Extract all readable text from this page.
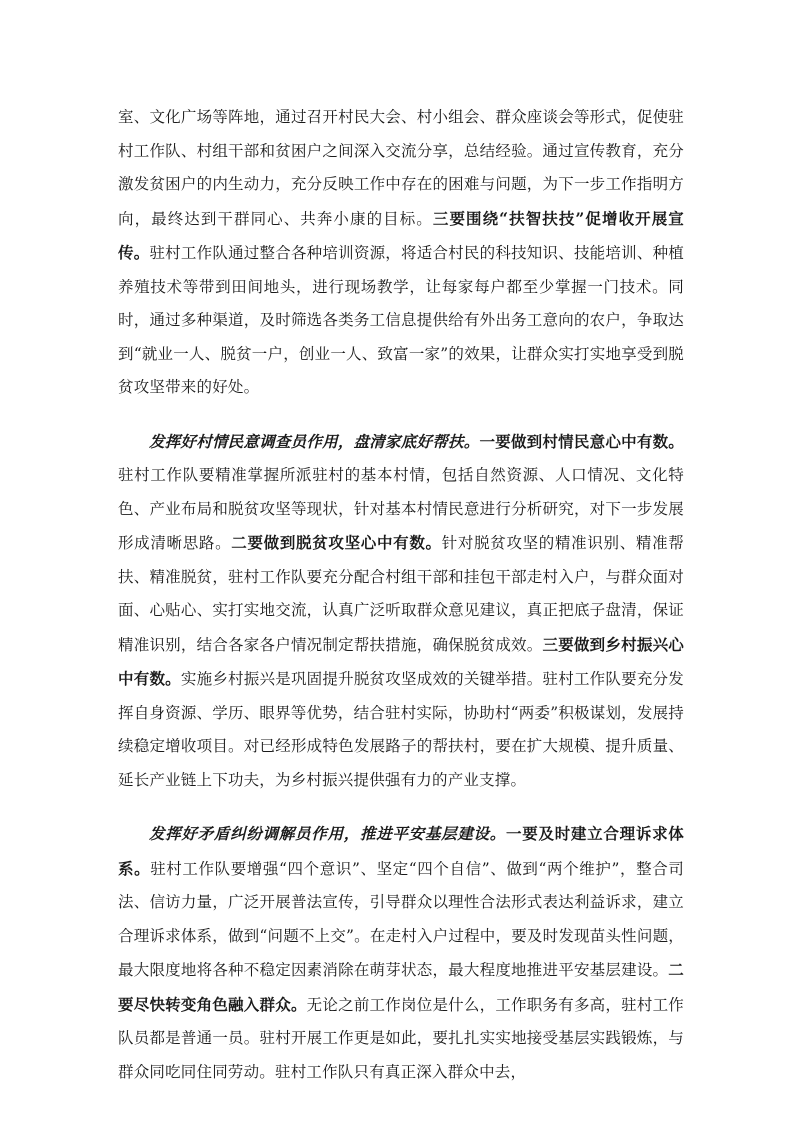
室、文化广场等阵地，通过召开村民大会、村小组会、群众座谈会等形式，促使驻村工作队、村组干部和贫困户之间深入交流分享，总结经验。通过宣传教育，充分激发贫困户的内生动力，充分反映工作中存在的困难与问题，为下一步工作指明方向，最终达到干群同心、共奔小康的目标。三要围绕“扶智扶技”促增收开展宣传。驻村工作队通过整合各种培训资源，将适合村民的科技知识、技能培训、种植养殖技术等带到田间地头，进行现场教学，让每家每户都至少掌握一门技术。同时，通过多种渠道，及时筛选各类务工信息提供给有外出务工意向的农户，争取达到“就业一人、脱贫一户，创业一人、致富一家”的效果，让群众实打实地享受到脱贫攻坚带来的好处。

发挥好村情民意调查员作用，盘清家底好帮扶。一要做到村情民意心中有数。驻村工作队要精准掌握所派驻村的基本村情，包括自然资源、人口情况、文化特色、产业布局和脱贫攻坚等现状，针对基本村情民意进行分析研究，对下一步发展形成清晰思路。二要做到脱贫攻坚心中有数。针对脱贫攻坚的精准识别、精准帮扶、精准脱贫，驻村工作队要充分配合村组干部和挂包干部走村入户，与群众面对面、心贴心、实打实地交流，认真广泛听取群众意见建议，真正把底子盘清，保证精准识别，结合各家各户情况制定帮扶措施，确保脱贫成效。三要做到乡村振兴心中有数。实施乡村振兴是巩固提升脱贫攻坚成效的关键举措。驻村工作队要充分发挥自身资源、学历、眼界等优势，结合驻村实际，协助村“两委”积极谋划，发展持续稳定增收项目。对已经形成特色发展路子的帮扶村，要在扩大规模、提升质量、延长产业链上下功夫，为乡村振兴提供强有力的产业支撑。

发挥好矛盾纠纷调解员作用，推进平安基层建设。一要及时建立合理诉求体系。驻村工作队要增强“四个意识”、坚定“四个自信”、做到“两个维护”，整合司法、信访力量，广泛开展普法宣传，引导群众以理性合法形式表达利益诉求，建立合理诉求体系，做到“问题不上交”。在走村入户过程中，要及时发现苗头性问题，最大限度地将各种不稳定因素消除在萌芽状态，最大程度地推进平安基层建设。二要尽快转变角色融入群众。无论之前工作岗位是什么，工作职务有多高，驻村工作队员都是普通一员。驻村开展工作更是如此，要扎扎实实地接受基层实践锻炼，与群众同吃同住同劳动。驻村工作队只有真正深入群众中去，
